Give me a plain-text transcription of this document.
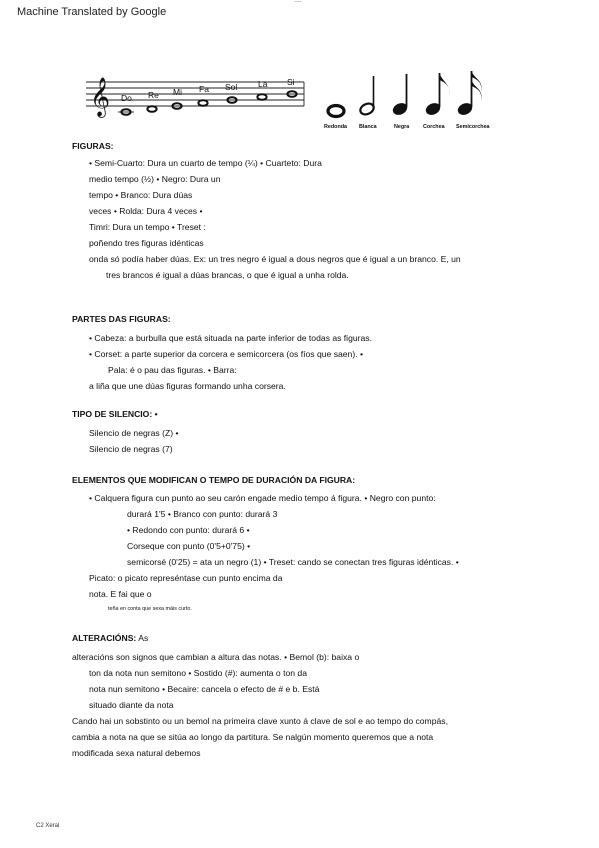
....
Machine Translated by Google
𝄞 Do Re Mi Fa Sol La Si
Redonda Blanca	Negra	Corchea Semicorchea
FIGURAS:
• Semi-Cuarto: Dura un cuarto de tempo (¼) • Cuarteto: Dura
medio tempo (½) • Negro: Dura un
tempo • Branco: Dura dúas
veces • Rolda: Dura 4 veces •
Timri: Dura un tempo • Treset :
poñendo tres figuras idénticas
onda só podía haber dúas. Ex: un tres negro é igual a dous negros que é igual a un branco. E, un
tres brancos é igual a dúas brancas, o que é igual a unha rolda.
PARTES DAS FIGURAS:
• Cabeza: a burbulla que está situada na parte inferior de todas as figuras.
• Corset: a parte superior da corcera e semicorcera (os fíos que saen). •
Pala: é o pau das figuras. • Barra:
a liña que une dúas figuras formando unha corsera.
TIPO DE SILENCIO: •
Silencio de negras (Z) •
Silencio de negras (7)
ELEMENTOS QUE MODIFICAN O TEMPO DE DURACIÓN DA FIGURA:
• Calquera figura cun punto ao seu carón engade medio tempo á figura. • Negro con punto:
durará 1'5 • Branco con punto: durará 3
• Redondo con punto: durará 6 •
Corseque con punto (0'5+0'75) •
semicorsé (0'25) = ata un negro (1) • Treset: cando se conectan tres figuras idénticas. •
Picato: o picato represéntase cun punto encima da
nota. E fai que o
teña en conta que sexa máis curto.
ALTERACIÓNS: As
alteracións son signos que cambian a altura das notas. • Bemol (b): baixa o
ton da nota nun semitono • Sostido (#): aumenta o ton da
nota nun semitono • Becaire: cancela o efecto de # e b. Está
situado diante da nota
Cando hai un sobstinto ou un bemol na primeira clave xunto á clave de sol e ao tempo do compás,
cambia a nota na que se sitúa ao longo da partitura. Se nalgún momento queremos que a nota
modificada sexa natural debemos
C2 Xeral
